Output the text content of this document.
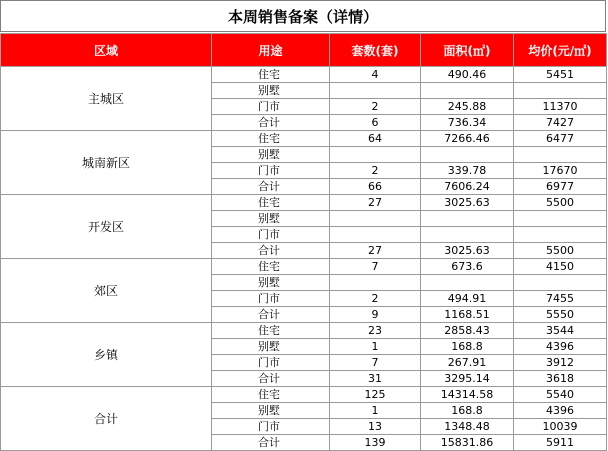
本周销售备案（详情）
区域	用途	套数(套)	面积(㎡)	均价(元/㎡)
主城区	住宅	4	490.46	5451
	别墅			
	门市	2	245.88	11370
	合计	6	736.34	7427
城南新区	住宅	64	7266.46	6477
	别墅			
	门市	2	339.78	17670
	合计	66	7606.24	6977
开发区	住宅	27	3025.63	5500
	别墅			
	门市			
	合计	27	3025.63	5500
郊区	住宅	7	673.6	4150
	别墅			
	门市	2	494.91	7455
	合计	9	1168.51	5550
乡镇	住宅	23	2858.43	3544
	别墅	1	168.8	4396
	门市	7	267.91	3912
	合计	31	3295.14	3618
合计	住宅	125	14314.58	5540
	别墅	1	168.8	4396
	门市	13	1348.48	10039
	合计	139	15831.86	5911
